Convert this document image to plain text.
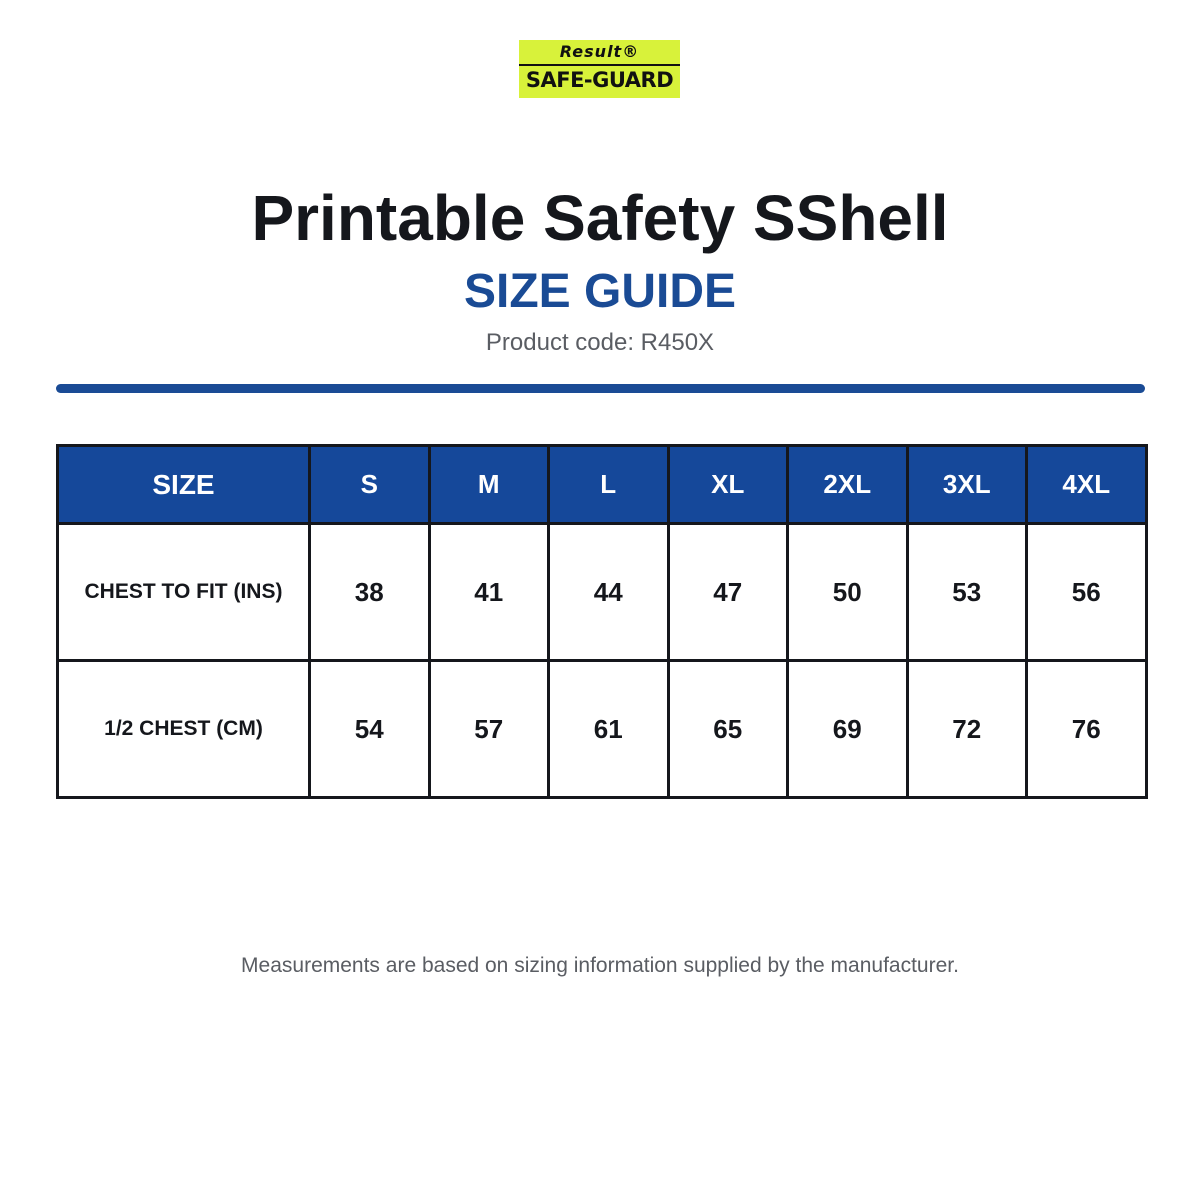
Result®
SAFE-GUARD
Printable Safety SShell
SIZE GUIDE
Product code: R450X
SIZE	S	M	L	XL	2XL	3XL	4XL
CHEST TO FIT (INS)	38	41	44	47	50	53	56
1/2 CHEST (CM)	54	57	61	65	69	72	76
Measurements are based on sizing information supplied by the manufacturer.
